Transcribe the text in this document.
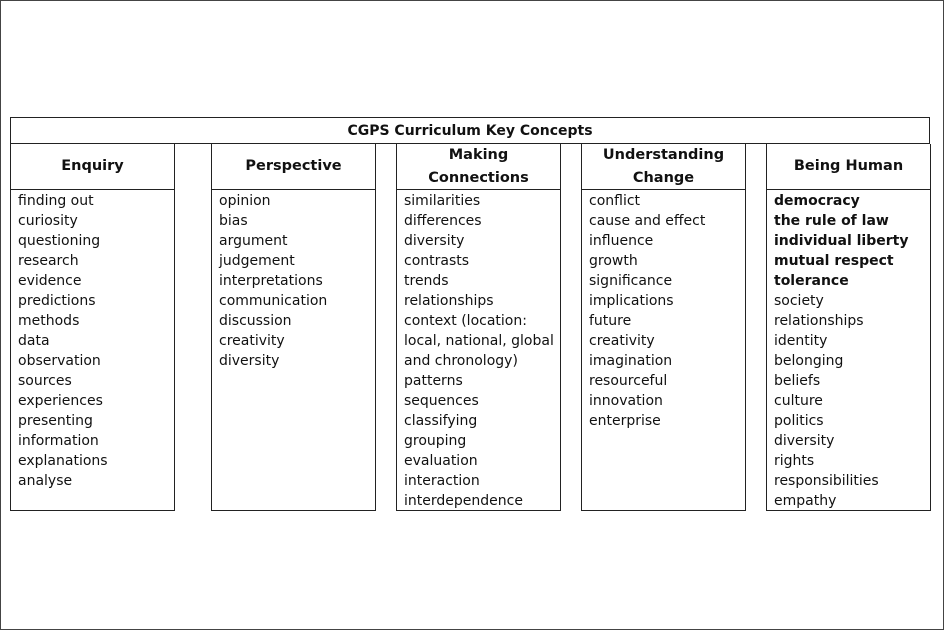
CGPS Curriculum Key Concepts
Enquiry
finding out
curiosity
questioning
research
evidence
predictions
methods
data
observation
sources
experiences
presenting
information
explanations
analyse
Perspective
opinion
bias
argument
judgement
interpretations
communication
discussion
creativity
diversity
Making Connections
similarities
differences
diversity
contrasts
trends
relationships
context (location:
local, national, global
and chronology)
patterns
sequences
classifying
grouping
evaluation
interaction
interdependence
Understanding Change
conflict
cause and effect
influence
growth
significance
implications
future
creativity
imagination
resourceful
innovation
enterprise
Being Human
democracy
the rule of law
individual liberty
mutual respect
tolerance
society
relationships
identity
belonging
beliefs
culture
politics
diversity
rights
responsibilities
empathy
